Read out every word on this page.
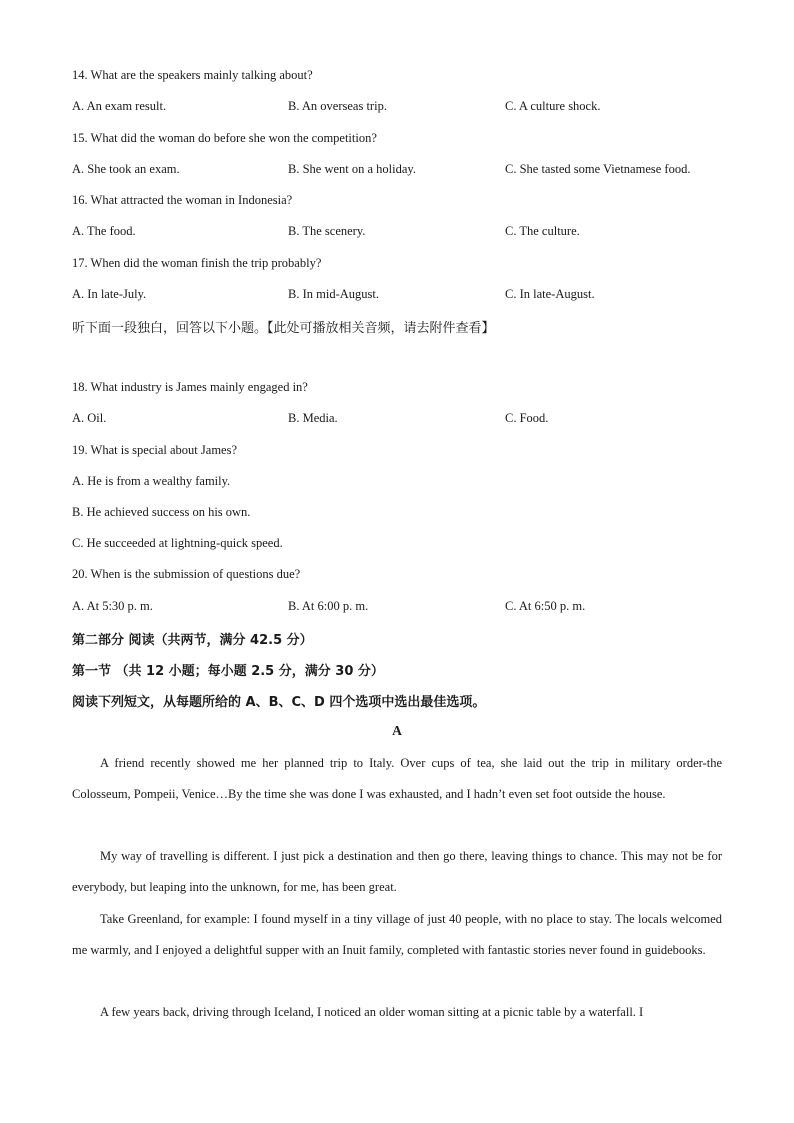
14. What are the speakers mainly talking about?
A. An exam result.	B. An overseas trip.	C. A culture shock.
15. What did the woman do before she won the competition?
A. She took an exam.	B. She went on a holiday.	C. She tasted some Vietnamese food.
16. What attracted the woman in Indonesia?
A. The food.	B. The scenery.	C. The culture.
17. When did the woman finish the trip probably?
A. In late-July.	B. In mid-August.	C. In late-August.
听下面一段独白，回答以下小题。【此处可播放相关音频，请去附件查看】
18. What industry is James mainly engaged in?
A. Oil.	B. Media.	C. Food.
19. What is special about James?
A. He is from a wealthy family.
B. He achieved success on his own.
C. He succeeded at lightning-quick speed.
20. When is the submission of questions due?
A. At 5:30 p. m.	B. At 6:00 p. m.	C. At 6:50 p. m.
第二部分 阅读（共两节，满分 42.5 分）
第一节 （共 12 小题；每小题 2.5 分，满分 30 分）
阅读下列短文，从每题所给的 A、B、C、D 四个选项中选出最佳选项。
A
A friend recently showed me her planned trip to Italy. Over cups of tea, she laid out the trip in military order-the Colosseum, Pompeii, Venice…By the time she was done I was exhausted, and I hadn’t even set foot outside the house.
My way of travelling is different. I just pick a destination and then go there, leaving things to chance. This may not be for everybody, but leaping into the unknown, for me, has been great.
Take Greenland, for example: I found myself in a tiny village of just 40 people, with no place to stay. The locals welcomed me warmly, and I enjoyed a delightful supper with an Inuit family, completed with fantastic stories never found in guidebooks.
A few years back, driving through Iceland, I noticed an older woman sitting at a picnic table by a waterfall. I
